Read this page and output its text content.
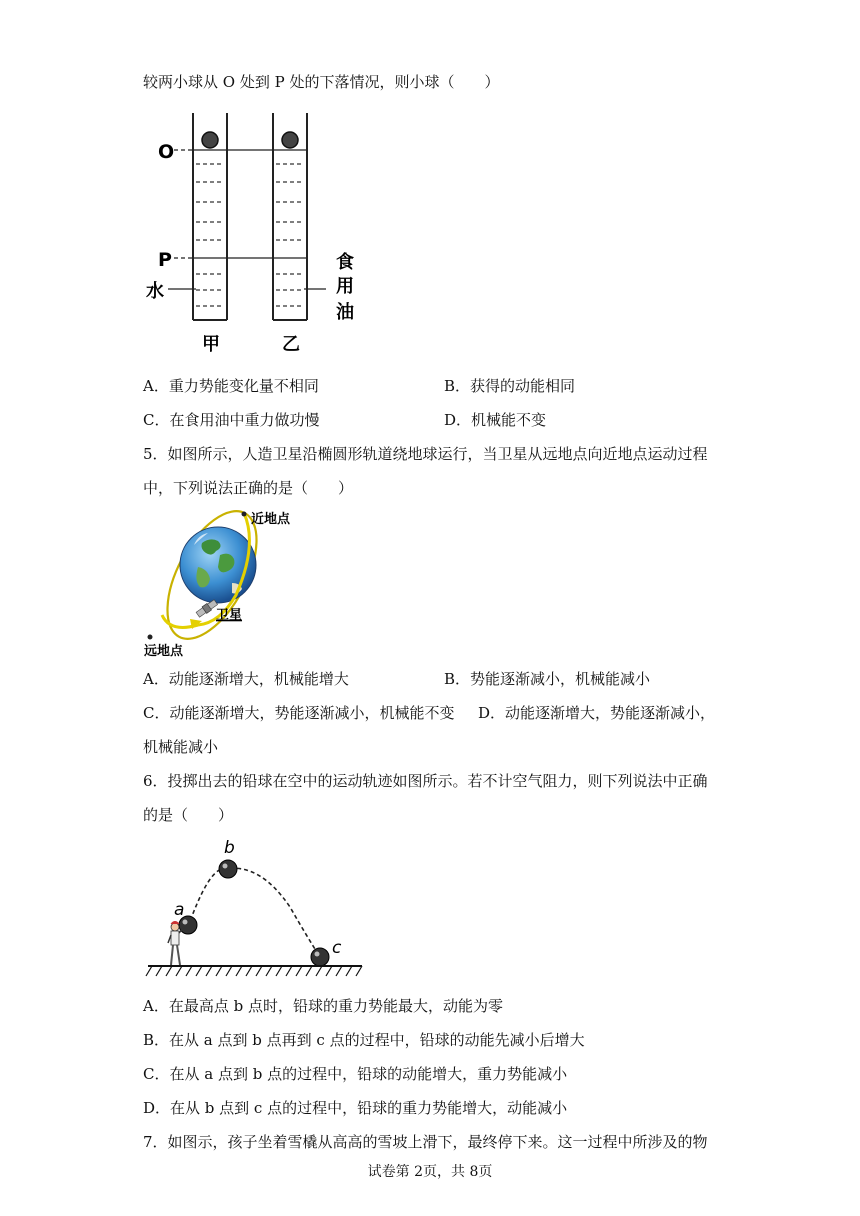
较两小球从 O 处到 P 处的下落情况，则小球（　　）
O
P
水
食
用
油
甲	乙
A．重力势能变化量不相同	B．获得的动能相同
C．在食用油中重力做功慢	D．机械能不变
5．如图所示，人造卫星沿椭圆形轨道绕地球运行，当卫星从远地点向近地点运动过程
中，下列说法正确的是（　　）
近地点
卫星
远地点
A．动能逐渐增大，机械能增大	B．势能逐渐减小，机械能减小
C．动能逐渐增大，势能逐渐减小，机械能不变 D．动能逐渐增大，势能逐渐减小，
机械能减小
6．投掷出去的铅球在空中的运动轨迹如图所示。若不计空气阻力，则下列说法中正确
的是（　　）
a
b
c
A．在最高点 b 点时，铅球的重力势能最大，动能为零
B．在从 a 点到 b 点再到 c 点的过程中，铅球的动能先减小后增大
C．在从 a 点到 b 点的过程中，铅球的动能增大，重力势能减小
D．在从 b 点到 c 点的过程中，铅球的重力势能增大，动能减小
7．如图示，孩子坐着雪橇从高高的雪坡上滑下，最终停下来。这一过程中所涉及的物
试卷第 2页，共 8页
